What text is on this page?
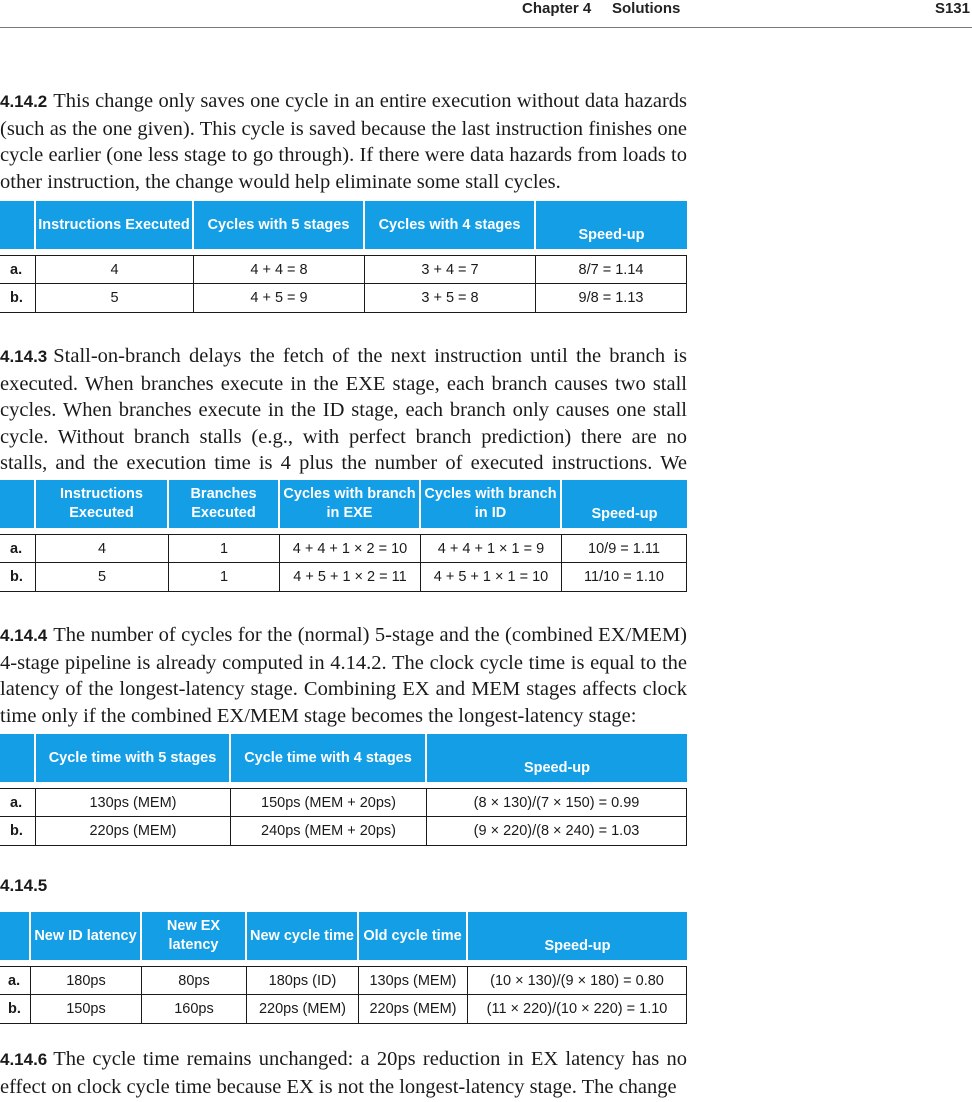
Chapter 4 Solutions	S131
4.14.2 This change only saves one cycle in an entire execution without data hazards (such as the one given). This cycle is saved because the last instruction finishes one cycle earlier (one less stage to go through). If there were data hazards from loads to other instruction, the change would help eliminate some stall cycles.
	Instructions Executed	Cycles with 5 stages	Cycles with 4 stages	Speed-up

a.	4	4 + 4 = 8	3 + 4 = 7	8/7 = 1.14
b.	5	4 + 5 = 9	3 + 5 = 8	9/8 = 1.13
4.14.3 Stall-on-branch delays the fetch of the next instruction until the branch is executed. When branches execute in the EXE stage, each branch causes two stall cycles. When branches execute in the ID stage, each branch only causes one stall cycle. Without branch stalls (e.g., with perfect branch prediction) there are no stalls, and the execution time is 4 plus the number of executed instructions. We
	Instructions Executed	Branches Executed	Cycles with branch in EXE	Cycles with branch in ID	Speed-up

a.	4	1	4 + 4 + 1 × 2 = 10	4 + 4 + 1 × 1 = 9	10/9 = 1.11
b.	5	1	4 + 5 + 1 × 2 = 11	4 + 5 + 1 × 1 = 10	11/10 = 1.10
4.14.4 The number of cycles for the (normal) 5-stage and the (combined EX/MEM) 4-stage pipeline is already computed in 4.14.2. The clock cycle time is equal to the latency of the longest-latency stage. Combining EX and MEM stages affects clock time only if the combined EX/MEM stage becomes the longest-latency stage:
	Cycle time with 5 stages	Cycle time with 4 stages	Speed-up

a.	130ps (MEM)	150ps (MEM + 20ps)	(8 × 130)/(7 × 150) = 0.99
b.	220ps (MEM)	240ps (MEM + 20ps)	(9 × 220)/(8 × 240) = 1.03
4.14.5
	New ID latency	New EX latency	New cycle time	Old cycle time	Speed-up

a.	180ps	80ps	180ps (ID)	130ps (MEM)	(10 × 130)/(9 × 180) = 0.80
b.	150ps	160ps	220ps (MEM)	220ps (MEM)	(11 × 220)/(10 × 220) = 1.10
4.14.6 The cycle time remains unchanged: a 20ps reduction in EX latency has no effect on clock cycle time because EX is not the longest-latency stage. The change
